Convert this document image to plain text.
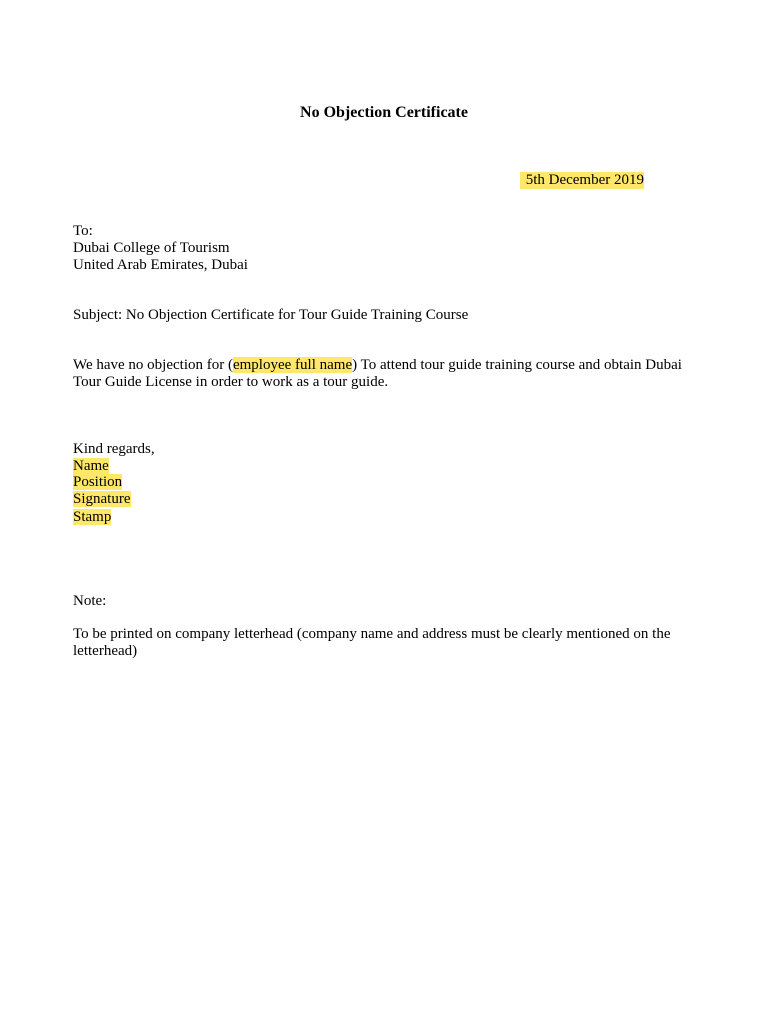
No Objection Certificate
5th December 2019
To:
Dubai College of Tourism
United Arab Emirates, Dubai
Subject: No Objection Certificate for Tour Guide Training Course
We have no objection for (employee full name) To attend tour guide training course and obtain Dubai Tour Guide License in order to work as a tour guide.
Kind regards,
Name
Position
Signature
Stamp
Note:
To be printed on company letterhead (company name and address must be clearly mentioned on the letterhead)
